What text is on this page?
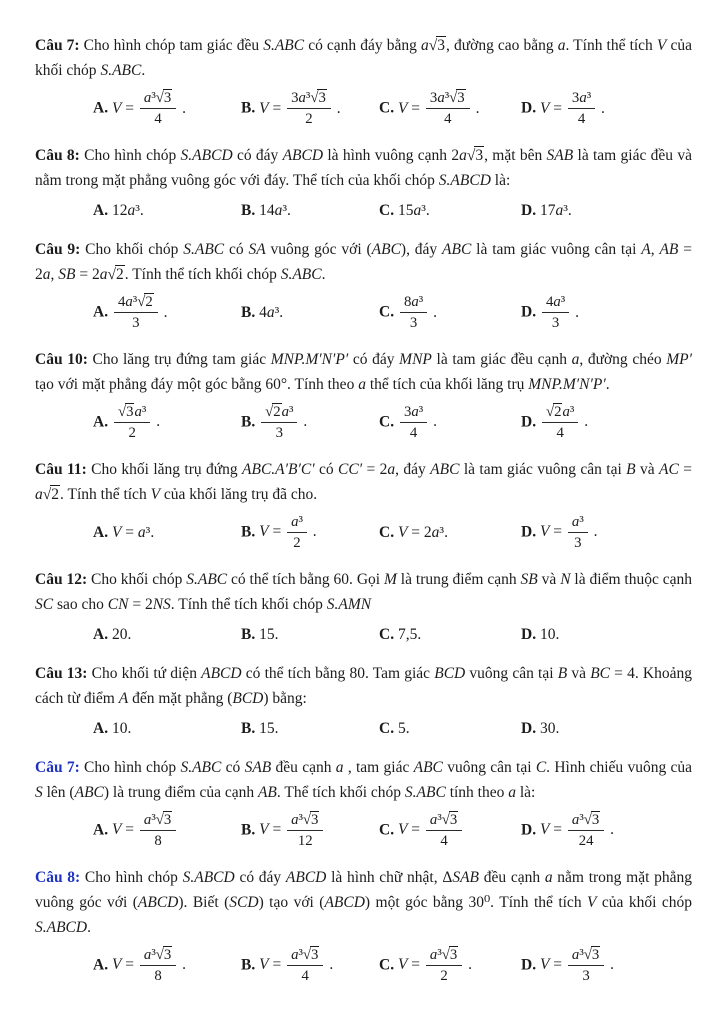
Câu 7: Cho hình chóp tam giác đều S.ABC có cạnh đáy bằng a√3, đường cao bằng a. Tính thể tích V của khối chóp S.ABC.

A. $V = \frac{\text{a³√3}}{4}$ .	B. $V = \frac{\text{3a³√3}}{2}$ .	C. $V = \frac{\text{3a³√3}}{4}$ .	D. $V = \frac{\text{3a³}}{4}$ .

Câu 8: Cho hình chóp S.ABCD có đáy ABCD là hình vuông cạnh 2a√3, mặt bên SAB là tam giác đều và nằm trong mặt phẳng vuông góc với đáy. Thể tích của khối chóp S.ABCD là:

A. 12a³.	B. 14a³.	C. 15a³.	D. 17a³.

Câu 9: Cho khối chóp S.ABC có SA vuông góc với (ABC), đáy ABC là tam giác vuông cân tại A, AB = 2a, SB = 2a√2. Tính thể tích khối chóp S.ABC.

A. $\frac{\text{4a³√2}}{3}$ .	B. 4a³.	C. $\frac{\text{8a³}}{3}$ .	D. $\frac{\text{4a³}}{3}$ .

Câu 10: Cho lăng trụ đứng tam giác MNP.M′N′P′ có đáy MNP là tam giác đều cạnh a, đường chéo MP′ tạo với mặt phẳng đáy một góc bằng 60°. Tính theo a thể tích của khối lăng trụ MNP.M′N′P′.

A. $\frac{\text{√3a³}}{2}$ .	B. $\frac{\text{√2a³}}{3}$ .	C. $\frac{\text{3a³}}{4}$ .	D. $\frac{\text{√2a³}}{4}$ .

Câu 11: Cho khối lăng trụ đứng ABC.A′B′C′ có CC′ = 2a, đáy ABC là tam giác vuông cân tại B và AC = a√2. Tính thể tích V của khối lăng trụ đã cho.

A. V = a³.	B. $V = \frac{\text{a³}}{2}$ .	C. V = 2a³.	D. $V = \frac{\text{a³}}{3}$ .

Câu 12: Cho khối chóp S.ABC có thể tích bằng 60. Gọi M là trung điểm cạnh SB và N là điểm thuộc cạnh SC sao cho CN = 2NS. Tính thể tích khối chóp S.AMN

A. 20.	B. 15.	C. 7,5.	D. 10.

Câu 13: Cho khối tứ diện ABCD có thể tích bằng 80. Tam giác BCD vuông cân tại B và BC = 4. Khoảng cách từ điểm A đến mặt phẳng (BCD) bằng:

A. 10.	B. 15.	C. 5.	D. 30.

Câu 7: Cho hình chóp S.ABC có SAB đều cạnh a , tam giác ABC vuông cân tại C. Hình chiếu vuông của S lên (ABC) là trung điểm của cạnh AB. Thể tích khối chóp S.ABC tính theo a là:

A. $V = \frac{\text{a³√3}}{8}$	B. $V = \frac{\text{a³√3}}{12}$	C. $V = \frac{\text{a³√3}}{4}$	D. $V = \frac{\text{a³√3}}{24}$ .

Câu 8: Cho hình chóp S.ABCD có đáy ABCD là hình chữ nhật, ΔSAB đều cạnh a nằm trong mặt phẳng vuông góc với (ABCD). Biết (SCD) tạo với (ABCD) một góc bằng 30⁰. Tính thể tích V của khối chóp S.ABCD.

A. $V = \frac{\text{a³√3}}{8}$ .	B. $V = \frac{\text{a³√3}}{4}$ .	C. $V = \frac{\text{a³√3}}{2}$ .	D. $V = \frac{\text{a³√3}}{3}$ .
